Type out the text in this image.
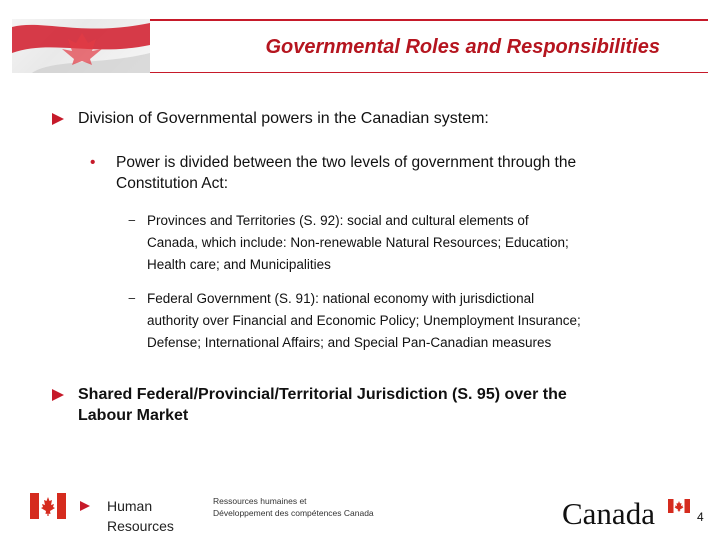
Governmental Roles and Responsibilities
Division of Governmental powers in the Canadian system:
• Power is divided between the two levels of government through the
Constitution Act:
− Provinces and Territories (S. 92): social and cultural elements of
Canada, which include: Non-renewable Natural Resources; Education;
Health care; and Municipalities
− Federal Government (S. 91): national economy with jurisdictional
authority over Financial and Economic Policy; Unemployment Insurance;
Defense; International Affairs; and Special Pan-Canadian measures
Shared Federal/Provincial/Territorial Jurisdiction (S. 95) over the
Labour Market
Human
Resources
Ressources humaines et
Développement des compétences Canada	Canada	4
